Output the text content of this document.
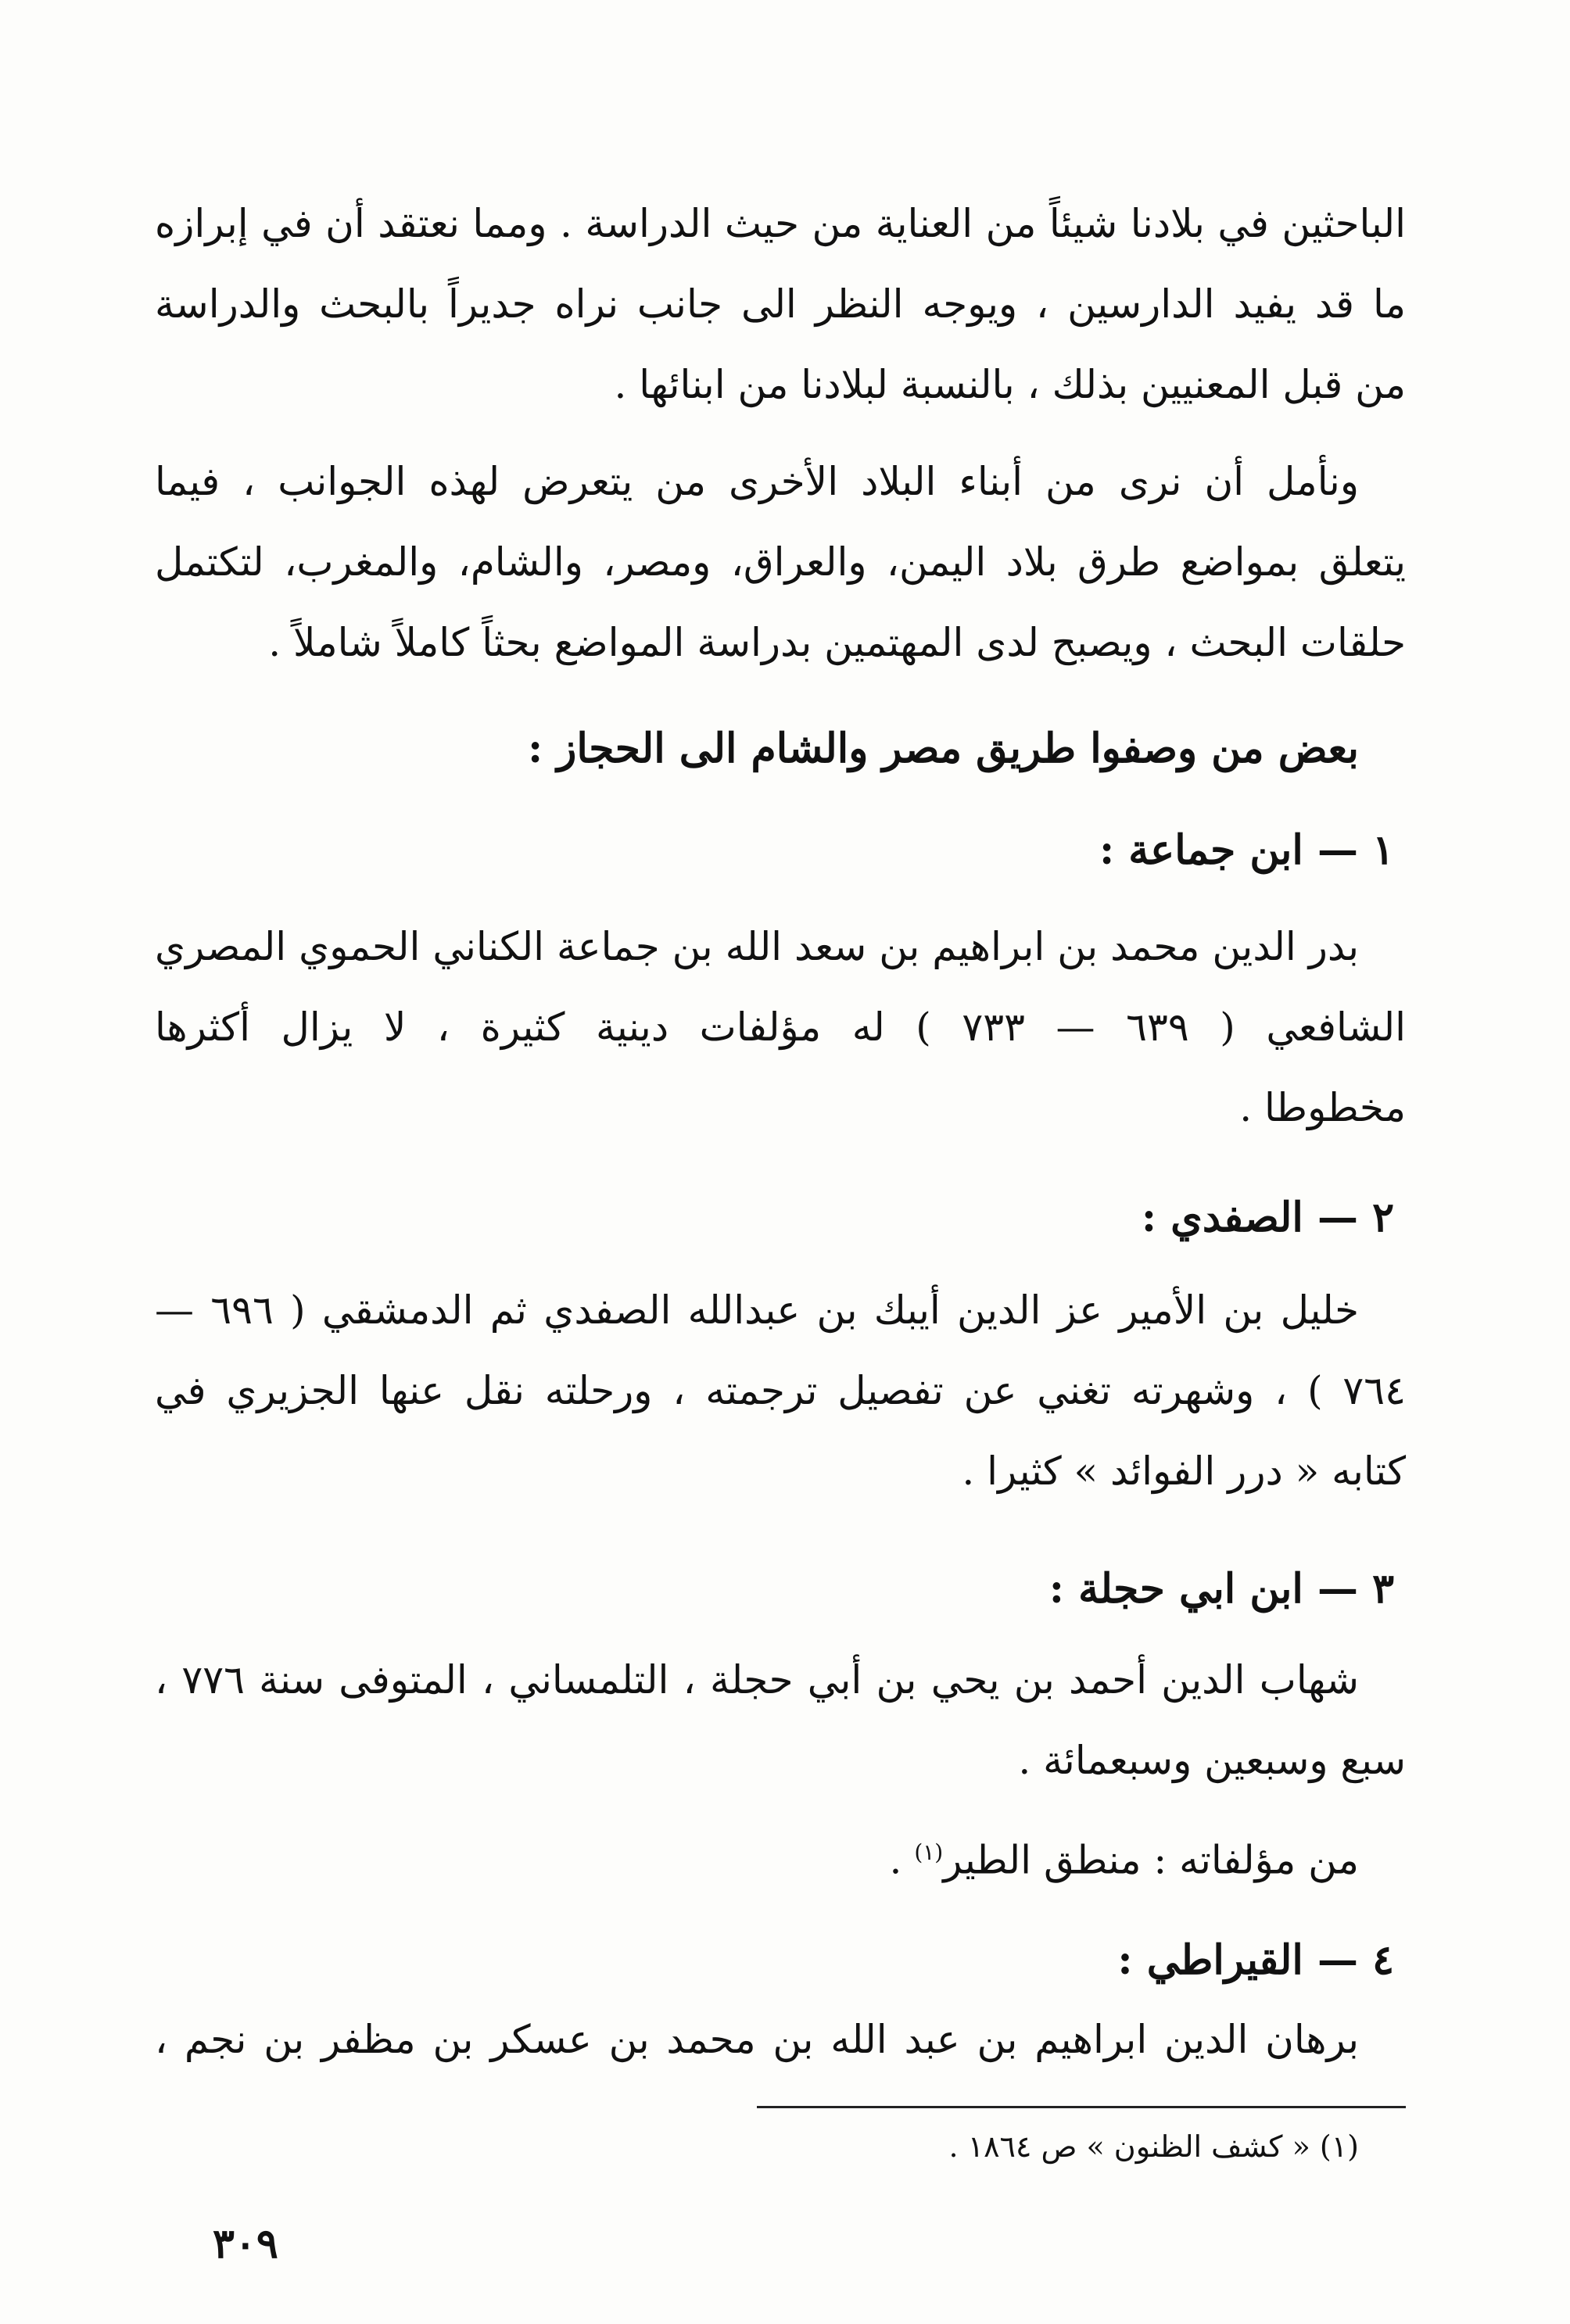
الباحثين في بلادنا شيئاً من العناية من حيث الدراسة . ومما نعتقد أن في إبرازه
ما قد يفيد الدارسين ، ويوجه النظر الى جانب نراه جديراً بالبحث والدراسة
من قبل المعنيين بذلك ، بالنسبة لبلادنا من ابنائها .
ونأمل أن نرى من أبناء البلاد الأخرى من يتعرض لهذه الجوانب ، فيما
يتعلق بمواضع طرق بلاد اليمن، والعراق، ومصر، والشام، والمغرب، لتكتمل
حلقات البحث ، ويصبح لدى المهتمين بدراسة المواضع بحثاً كاملاً شاملاً .
بعض من وصفوا طريق مصر والشام الى الحجاز :
١ — ابن جماعة :
بدر الدين محمد بن ابراهيم بن سعد الله بن جماعة الكناني الحموي المصري
الشافعي ( ٦٣٩ — ٧٣٣ ) له مؤلفات دينية كثيرة ، لا يزال أكثرها
مخطوطا .
٢ — الصفدي :
خليل بن الأمير عز الدين أيبك بن عبدالله الصفدي ثم الدمشقي ( ٦٩٦ —
٧٦٤ ) ، وشهرته تغني عن تفصيل ترجمته ، ورحلته نقل عنها الجزيري في
كتابه « درر الفوائد » كثيرا .
٣ — ابن ابي حجلة :
شهاب الدين أحمد بن يحي بن أبي حجلة ، التلمساني ، المتوفى سنة ٧٧٦ ،
سبع وسبعين وسبعمائة .
من مؤلفاته : منطق الطير$^{(١)}$ .
٤ — القيراطي :
برهان الدين ابراهيم بن عبد الله بن محمد بن عسكر بن مظفر بن نجم ،
(١) « كشف الظنون » ص ١٨٦٤ .
٣٠٩
